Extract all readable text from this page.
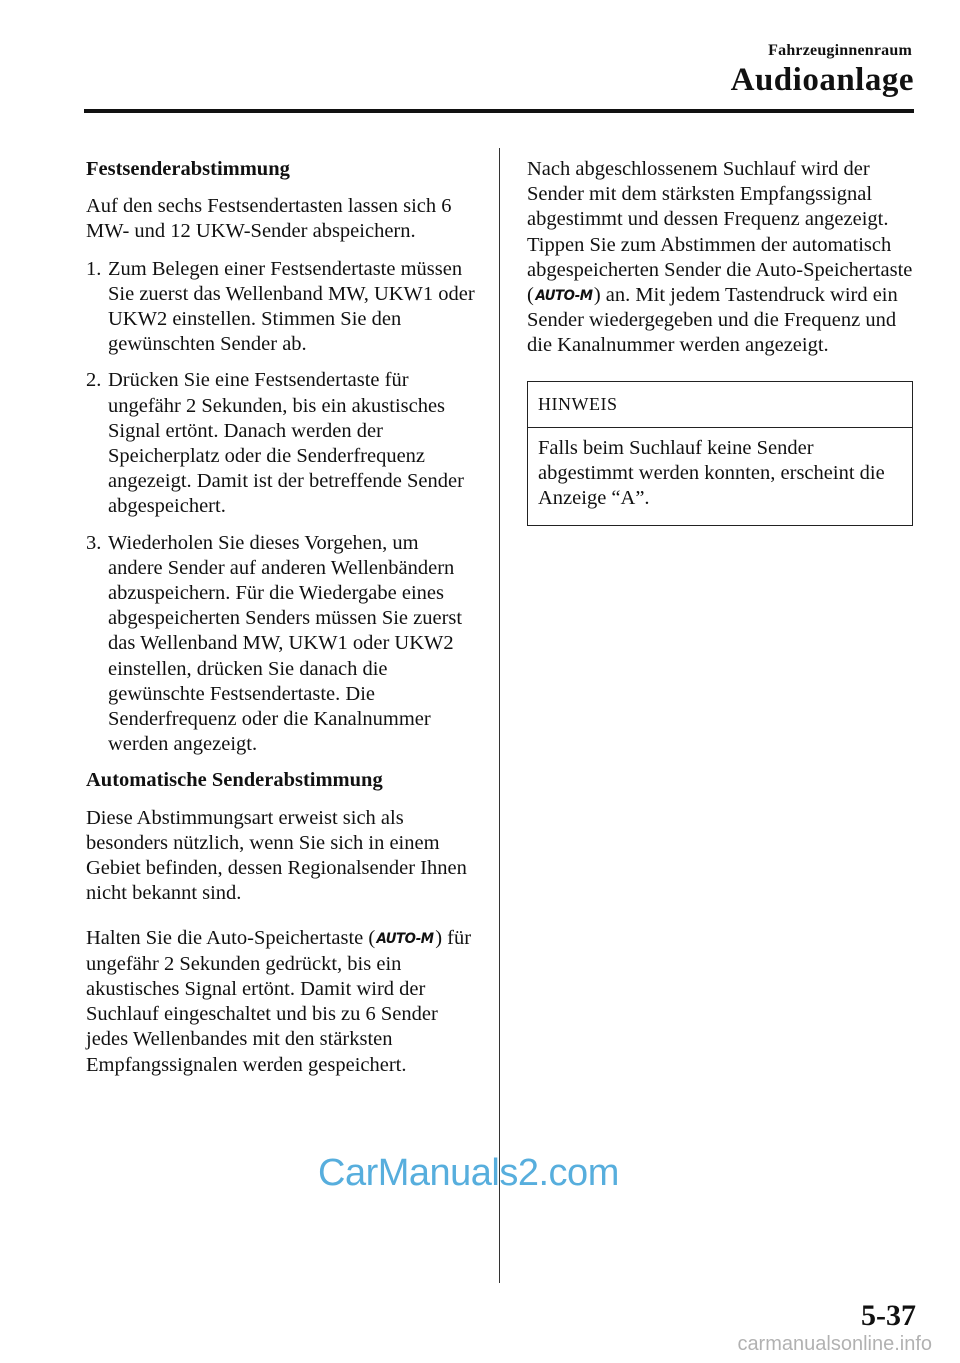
Fahrzeuginnenraum
Audioanlage

Festsenderabstimmung

Auf den sechs Festsendertasten lassen sich 6 MW- und 12 UKW-Sender abspeichern.

1. Zum Belegen einer Festsendertaste müssen Sie zuerst das Wellenband MW, UKW1 oder UKW2 einstellen. Stimmen Sie den gewünschten Sender ab.
2. Drücken Sie eine Festsendertaste für ungefähr 2 Sekunden, bis ein akustisches Signal ertönt. Danach werden der Speicherplatz oder die Senderfrequenz angezeigt. Damit ist der betreffende Sender abgespeichert.
3. Wiederholen Sie dieses Vorgehen, um andere Sender auf anderen Wellenbändern abzuspeichern. Für die Wiedergabe eines abgespeicherten Senders müssen Sie zuerst das Wellenband MW, UKW1 oder UKW2 einstellen, drücken Sie danach die gewünschte Festsendertaste. Die Senderfrequenz oder die Kanalnummer werden angezeigt.

Automatische Senderabstimmung

Diese Abstimmungsart erweist sich als besonders nützlich, wenn Sie sich in einem Gebiet befinden, dessen Regionalsender Ihnen nicht bekannt sind.

Halten Sie die Auto-Speichertaste ( AUTO-M) für ungefähr 2 Sekunden gedrückt, bis ein akustisches Signal ertönt. Damit wird der Suchlauf eingeschaltet und bis zu 6 Sender jedes Wellenbandes mit den stärksten Empfangssignalen werden gespeichert.

Nach abgeschlossenem Suchlauf wird der Sender mit dem stärksten Empfangssignal abgestimmt und dessen Frequenz angezeigt. Tippen Sie zum Abstimmen der automatisch abgespeicherten Sender die Auto-Speichertaste ( AUTO-M) an. Mit jedem Tastendruck wird ein Sender wiedergegeben und die Frequenz und die Kanalnummer werden angezeigt.

HINWEIS
Falls beim Suchlauf keine Sender abgestimmt werden konnten, erscheint die Anzeige “A”.
CarManuals2.com
5-37
carmanualsonline.info
